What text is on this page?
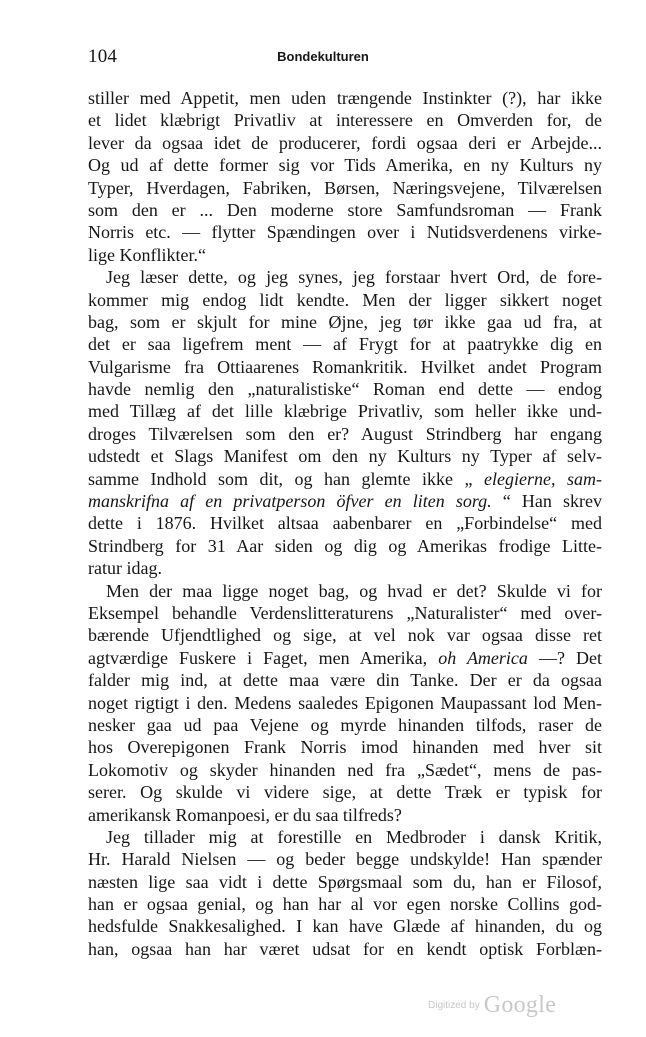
104	Bondekulturen
stiller med Appetit, men uden trængende Instinkter (?), har ikke
et lidet klæbrigt Privatliv at interessere en Omverden for, de
lever da ogsaa idet de producerer, fordi ogsaa deri er Arbejde...
Og ud af dette former sig vor Tids Amerika, en ny Kulturs ny
Typer, Hverdagen, Fabriken, Børsen, Næringsvejene, Tilværelsen
som den er ... Den moderne store Samfundsroman — Frank
Norris etc. — flytter Spændingen over i Nutidsverdenens virke-
lige Konflikter.“
Jeg læser dette, og jeg synes, jeg forstaar hvert Ord, de fore-
kommer mig endog lidt kendte. Men der ligger sikkert noget
bag, som er skjult for mine Øjne, jeg tør ikke gaa ud fra, at
det er saa ligefrem ment — af Frygt for at paatrykke dig en
Vulgarisme fra Ottiaarenes Romankritik. Hvilket andet Program
havde nemlig den „naturalistiske“ Roman end dette — endog
med Tillæg af det lille klæbrige Privatliv, som heller ikke und-
droges Tilværelsen som den er? August Strindberg har engang
udstedt et Slags Manifest om den ny Kulturs ny Typer af selv-
samme Indhold som dit, og han glemte ikke „ elegierne, sam-
manskrifna af en privatperson öfver en liten sorg. “ Han skrev
dette i 1876. Hvilket altsaa aabenbarer en „Forbindelse“ med
Strindberg for 31 Aar siden og dig og Amerikas frodige Litte-
ratur idag.
Men der maa ligge noget bag, og hvad er det? Skulde vi for
Eksempel behandle Verdenslitteraturens „Naturalister“ med over-
bærende Ufjendtlighed og sige, at vel nok var ogsaa disse ret
agtværdige Fuskere i Faget, men Amerika, oh America —? Det
falder mig ind, at dette maa være din Tanke. Der er da ogsaa
noget rigtigt i den. Medens saaledes Epigonen Maupassant lod Men-
nesker gaa ud paa Vejene og myrde hinanden tilfods, raser de
hos Overepigonen Frank Norris imod hinanden med hver sit
Lokomotiv og skyder hinanden ned fra „Sædet“, mens de pas-
serer. Og skulde vi videre sige, at dette Træk er typisk for
amerikansk Romanpoesi, er du saa tilfreds?
Jeg tillader mig at forestille en Medbroder i dansk Kritik,
Hr. Harald Nielsen — og beder begge undskylde! Han spænder
næsten lige saa vidt i dette Spørgsmaal som du, han er Filosof,
han er ogsaa genial, og han har al vor egen norske Collins god-
hedsfulde Snakkesalighed. I kan have Glæde af hinanden, du og
han, ogsaa han har været udsat for en kendt optisk Forblæn-
Digitized by Google
